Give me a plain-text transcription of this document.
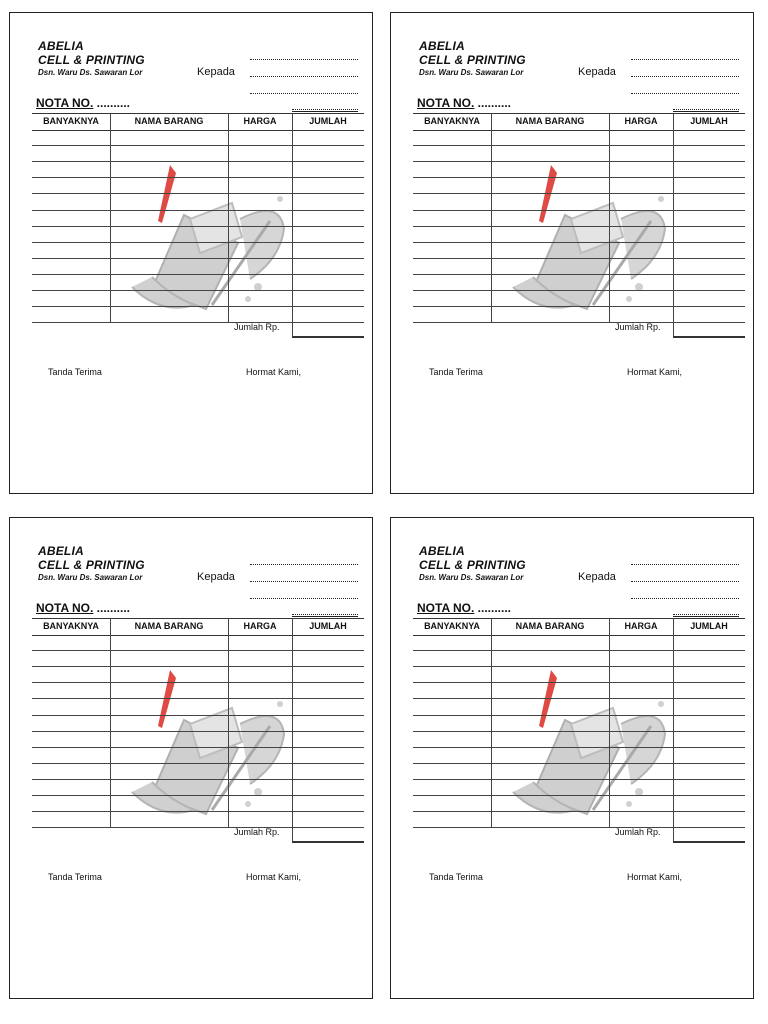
ABELIA
CELL & PRINTING
Dsn. Waru Ds. Sawaran Lor	Kepada
NOTA NO. ..........
BANYAKNYA	NAMA BARANG	HARGA	JUMLAH
Jumlah Rp.
Tanda Terima	Hormat Kami,
ABELIA
CELL & PRINTING
Dsn. Waru Ds. Sawaran Lor	Kepada
NOTA NO. ..........
BANYAKNYA	NAMA BARANG	HARGA	JUMLAH
Jumlah Rp.
Tanda Terima	Hormat Kami,
ABELIA
CELL & PRINTING
Dsn. Waru Ds. Sawaran Lor	Kepada
NOTA NO. ..........
BANYAKNYA	NAMA BARANG	HARGA	JUMLAH
Jumlah Rp.
Tanda Terima	Hormat Kami,
ABELIA
CELL & PRINTING
Dsn. Waru Ds. Sawaran Lor	Kepada
NOTA NO. ..........
BANYAKNYA	NAMA BARANG	HARGA	JUMLAH
Jumlah Rp.
Tanda Terima	Hormat Kami,
